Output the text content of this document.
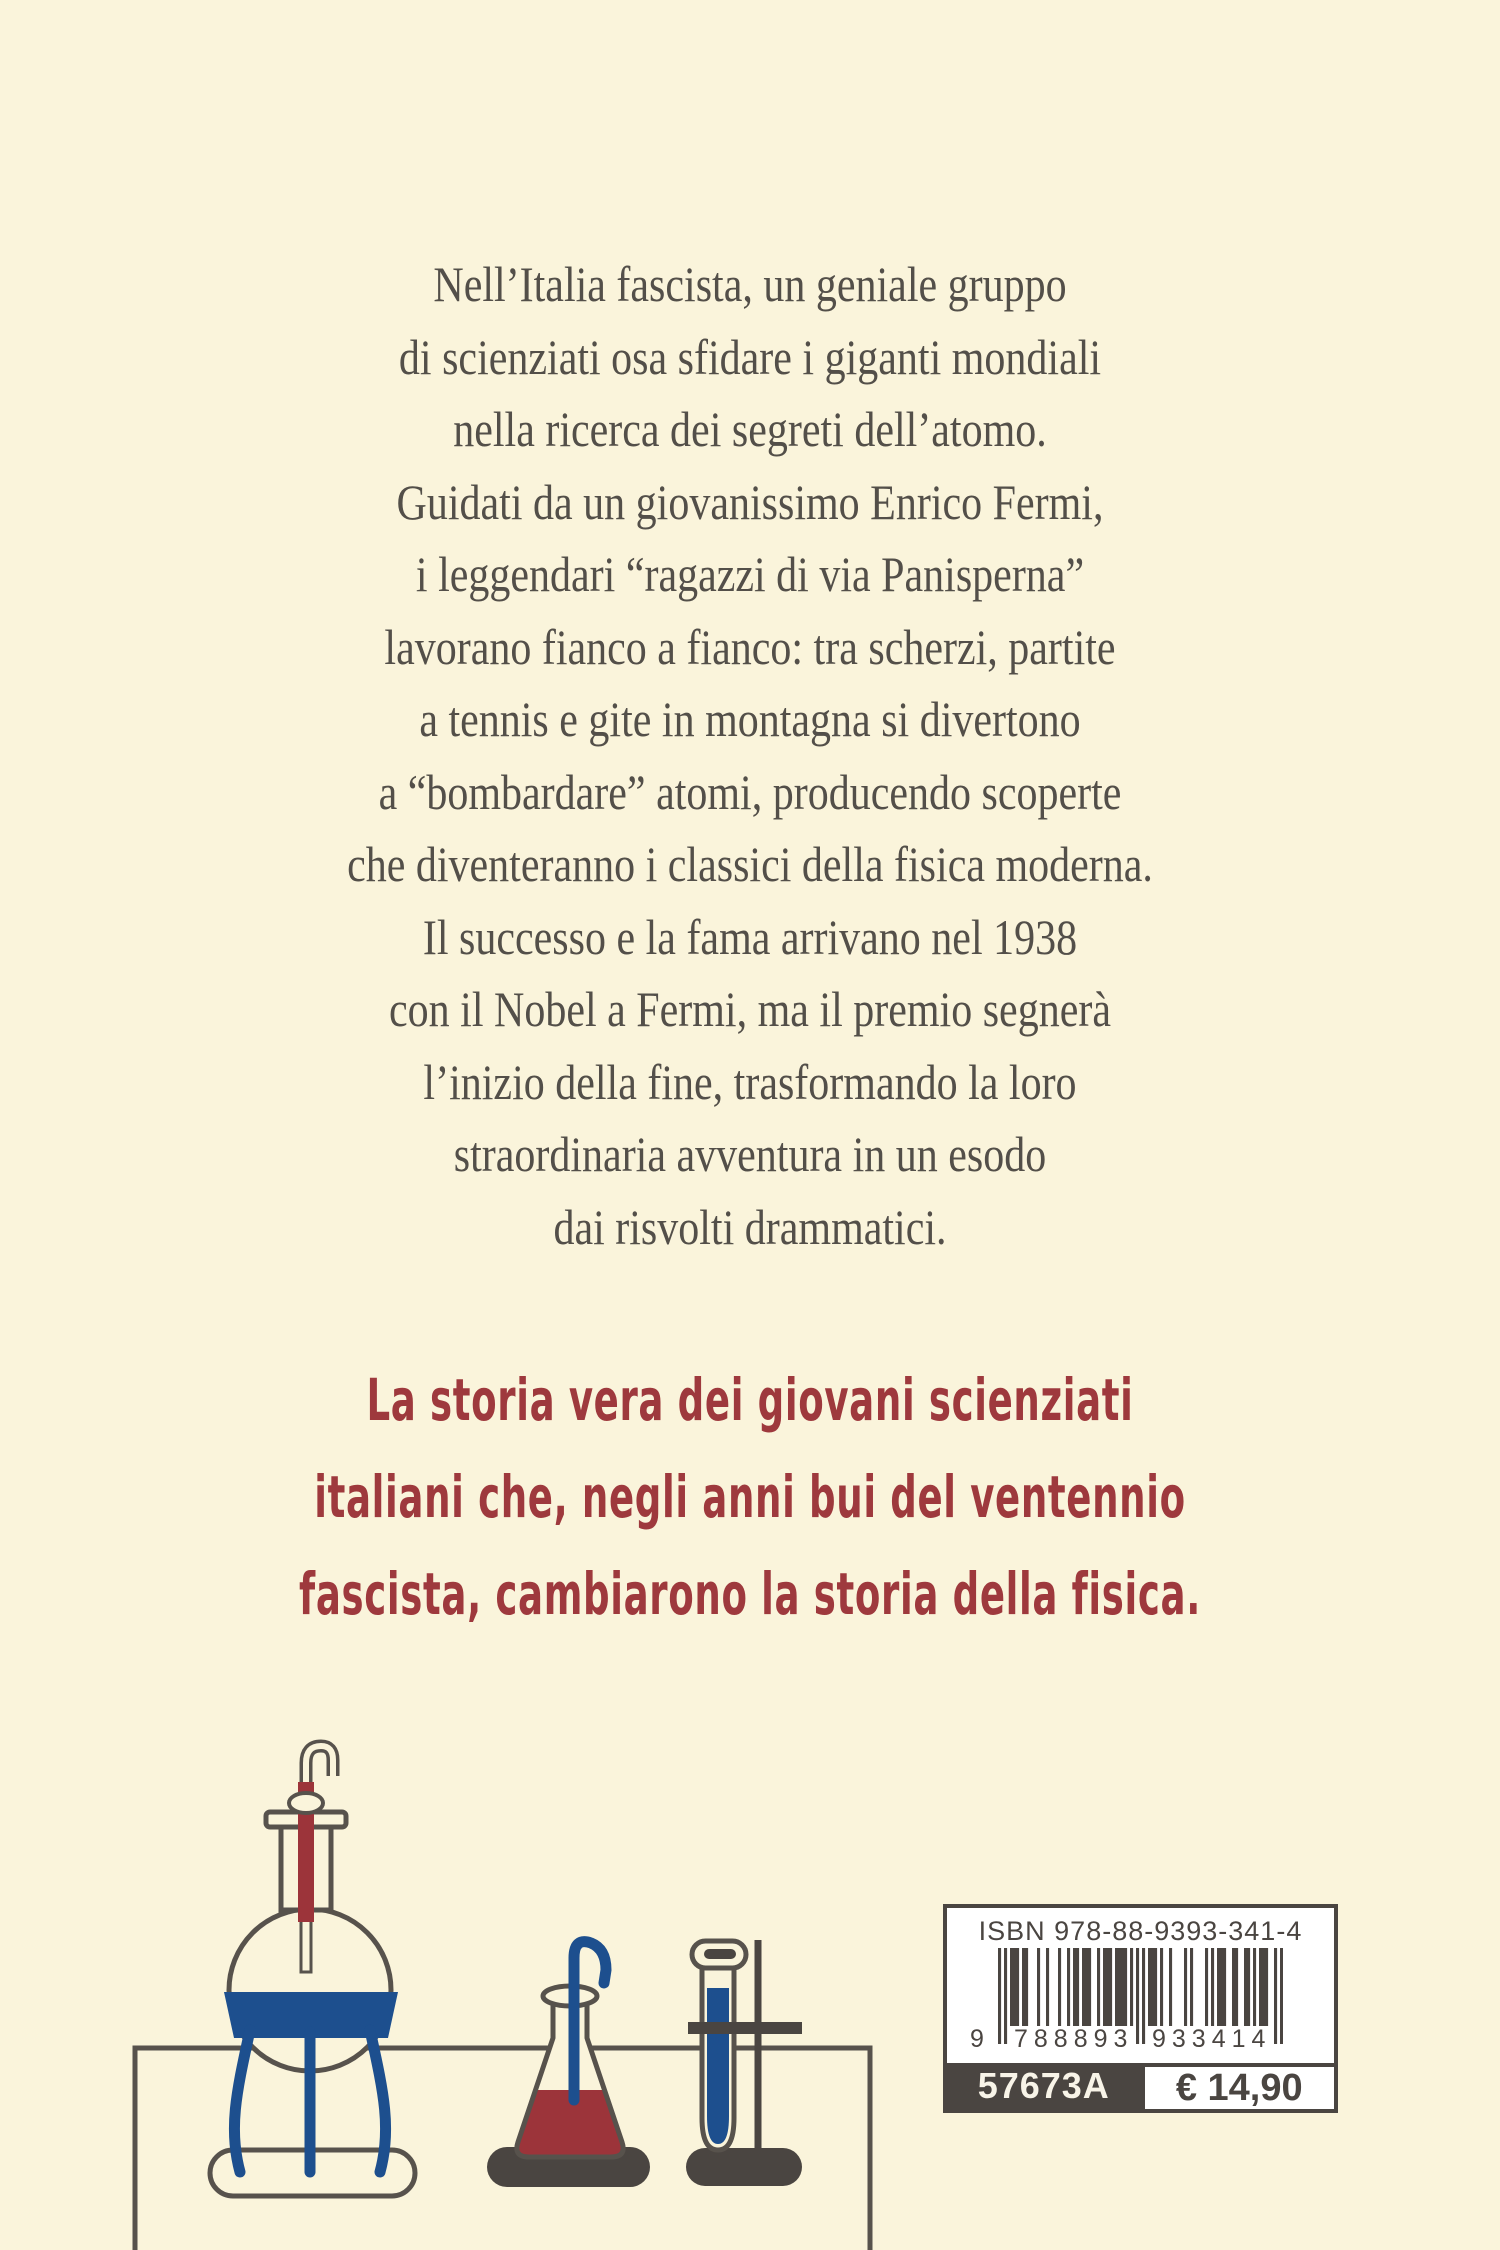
Nell’Italia fascista, un geniale gruppo
di scienziati osa sfidare i giganti mondiali
nella ricerca dei segreti dell’atomo.
Guidati da un giovanissimo Enrico Fermi,
i leggendari “ragazzi di via Panisperna”
lavorano fianco a fianco: tra scherzi, partite
a tennis e gite in montagna si divertono
a “bombardare” atomi, producendo scoperte
che diventeranno i classici della fisica moderna.
Il successo e la fama arrivano nel 1938
con il Nobel a Fermi, ma il premio segnerà
l’inizio della fine, trasformando la loro
straordinaria avventura in un esodo
dai risvolti drammatici.
La storia vera dei giovani scienziati
italiani che, negli anni bui del ventennio
fascista, cambiarono la storia della fisica.
ISBN 978-88-9393-341-4
9 788893 933414
57673A	€ 14,90
